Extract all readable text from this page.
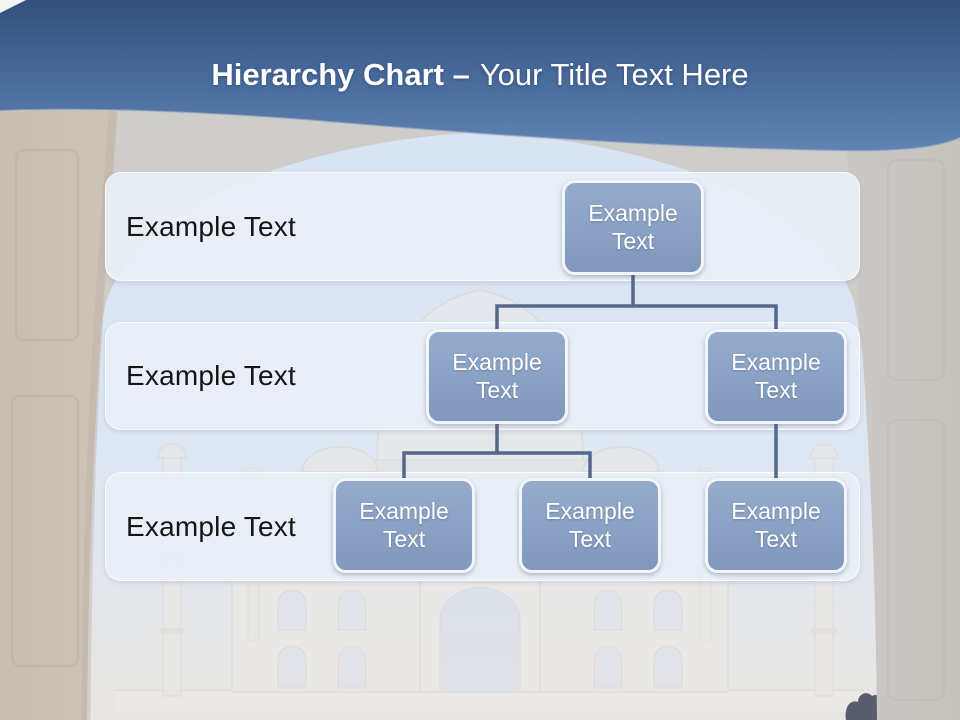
Hierarchy Chart – Your Title Text Here
Example Text
Example Text
Example Text
Example Text
Example Text
Example Text
Example Text
Example Text
Example Text
